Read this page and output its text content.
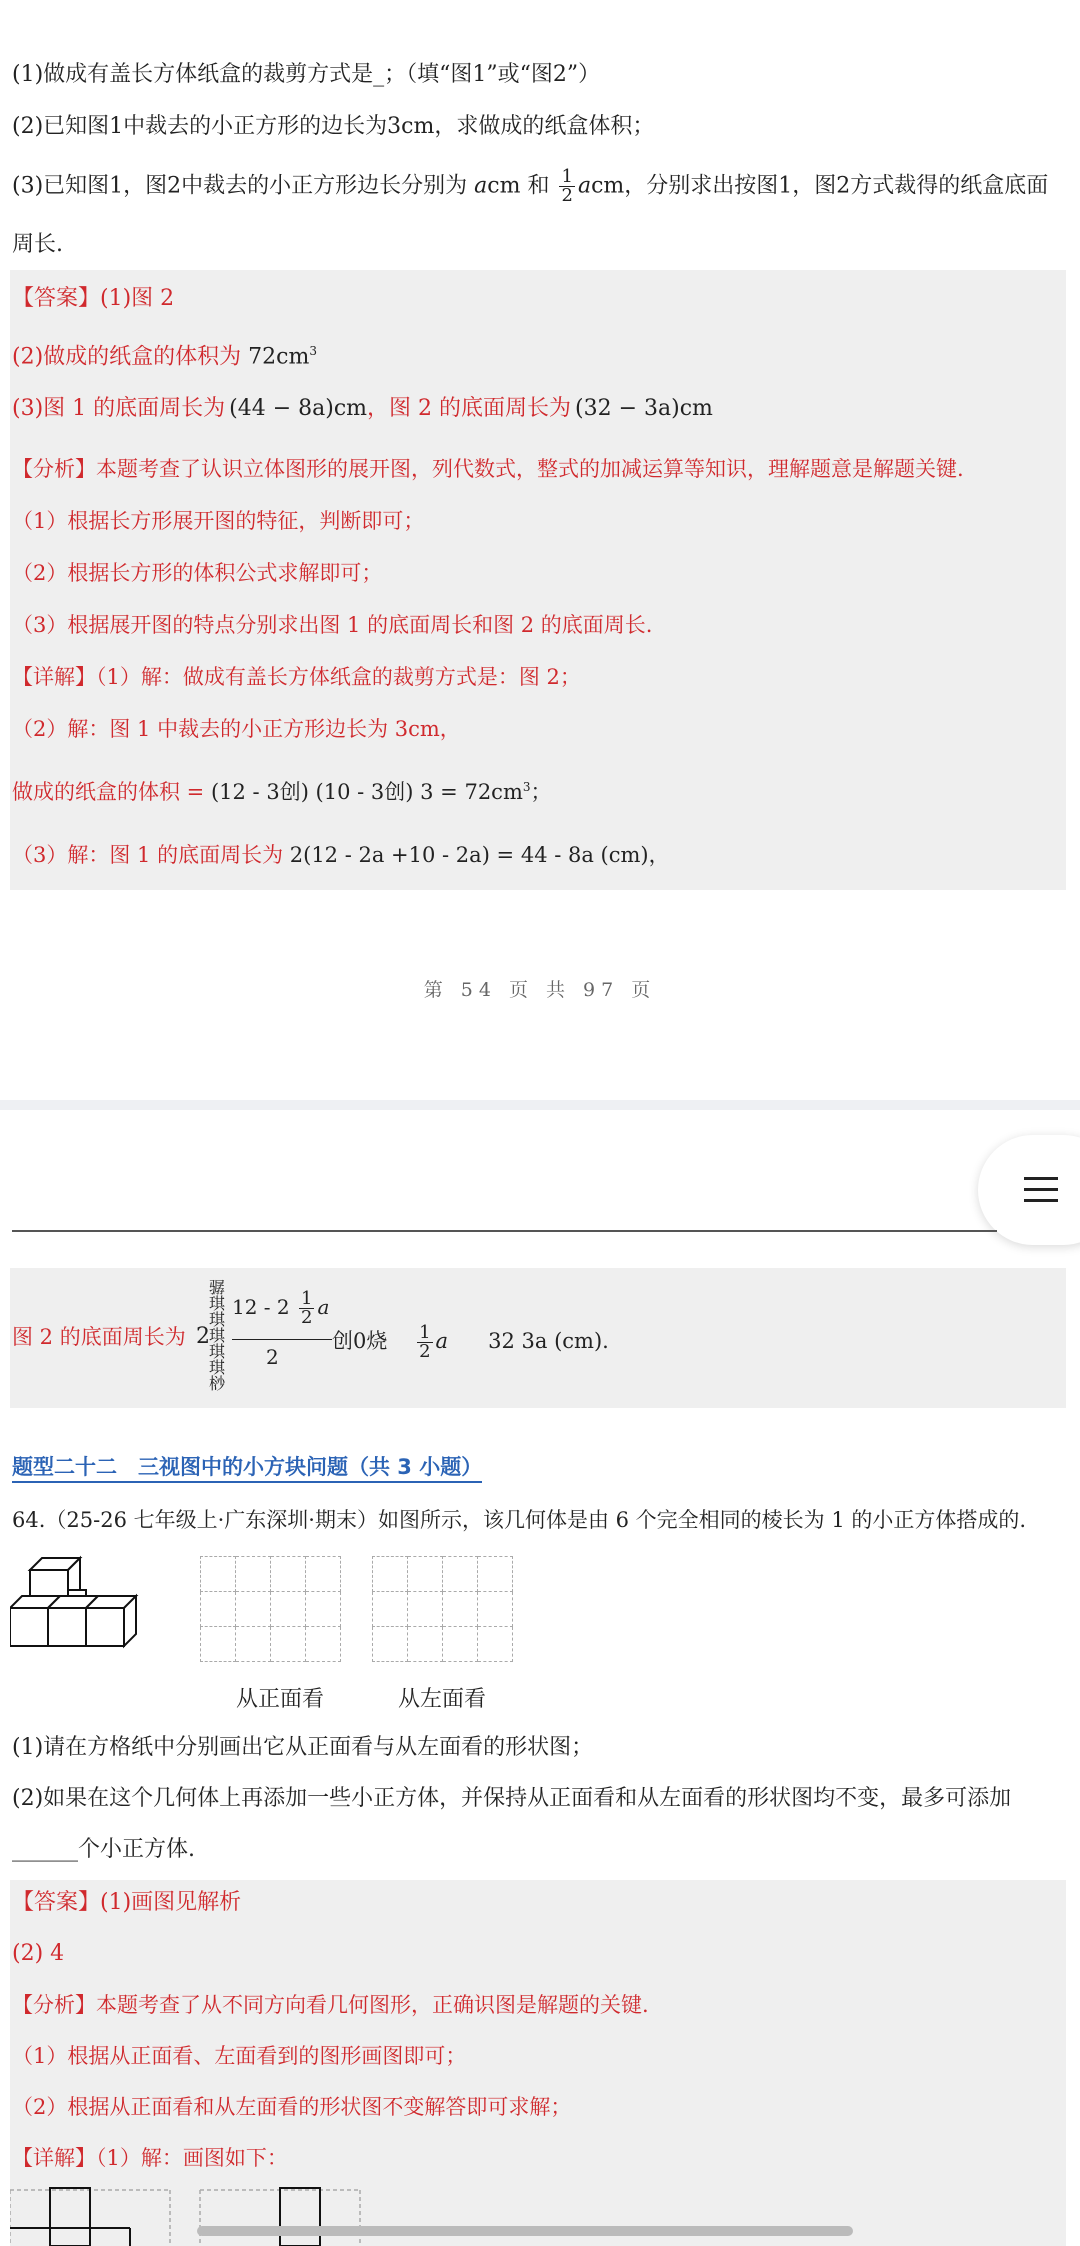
(1)做成有盖长方体纸盒的裁剪方式是_；（填“图1”或“图2”）
(2)已知图1中裁去的小正方形的边长为3cm，求做成的纸盒体积；
(3)已知图1，图2中裁去的小正方形边长分别为 acm 和 $\frac{1}{2}$ acm，分别求出按图1，图2方式裁得的纸盒底面
周长.
【答案】(1)图 2
(2)做成的纸盒的体积为 $72cm^3$
(3)图 1 的底面周长为 (44 − 8a)cm，图 2 的底面周长为 (32 − 3a)cm
【分析】本题考查了认识立体图形的展开图，列代数式，整式的加减运算等知识，理解题意是解题关键.
（1）根据长方形展开图的特征，判断即可；
（2）根据长方形的体积公式求解即可；
（3）根据展开图的特点分别求出图 1 的底面周长和图 2 的底面周长.
【详解】（1）解：做成有盖长方体纸盒的裁剪方式是：图 2；
（2）解：图 1 中裁去的小正方形边长为 3cm，
做成的纸盒的体积 = (12 - 3创) (10 - 3创) $3 = 72cm^3$；
（3）解：图 1 的底面周长为 2(12 - 2a +10 - 2a) = 44 - 8a (cm)，
第 54 页 共 97 页
图 2 的底面周长为 2
骣
琪
琪
琪
琪
琪
桫
$12 - 2 \frac{1}{2}$ a
2
创0烧 $\frac{1}{2}$ a 32 3a (cm).
题型二十二　三视图中的小方块问题（共 3 小题）
64.（25-26 七年级上·广东深圳·期末）如图所示，该几何体是由 6 个完全相同的棱长为 1 的小正方体搭成的.

从正面看	从左面看
(1)请在方格纸中分别画出它从正面看与从左面看的形状图；
(2)如果在这个几何体上再添加一些小正方体，并保持从正面看和从左面看的形状图均不变，最多可添加
______个小正方体.
【答案】(1)画图见解析
(2) 4
【分析】本题考查了从不同方向看几何图形，正确识图是解题的关键.
（1）根据从正面看、左面看到的图形画图即可；
（2）根据从正面看和从左面看的形状图不变解答即可求解；
【详解】（1）解：画图如下：
